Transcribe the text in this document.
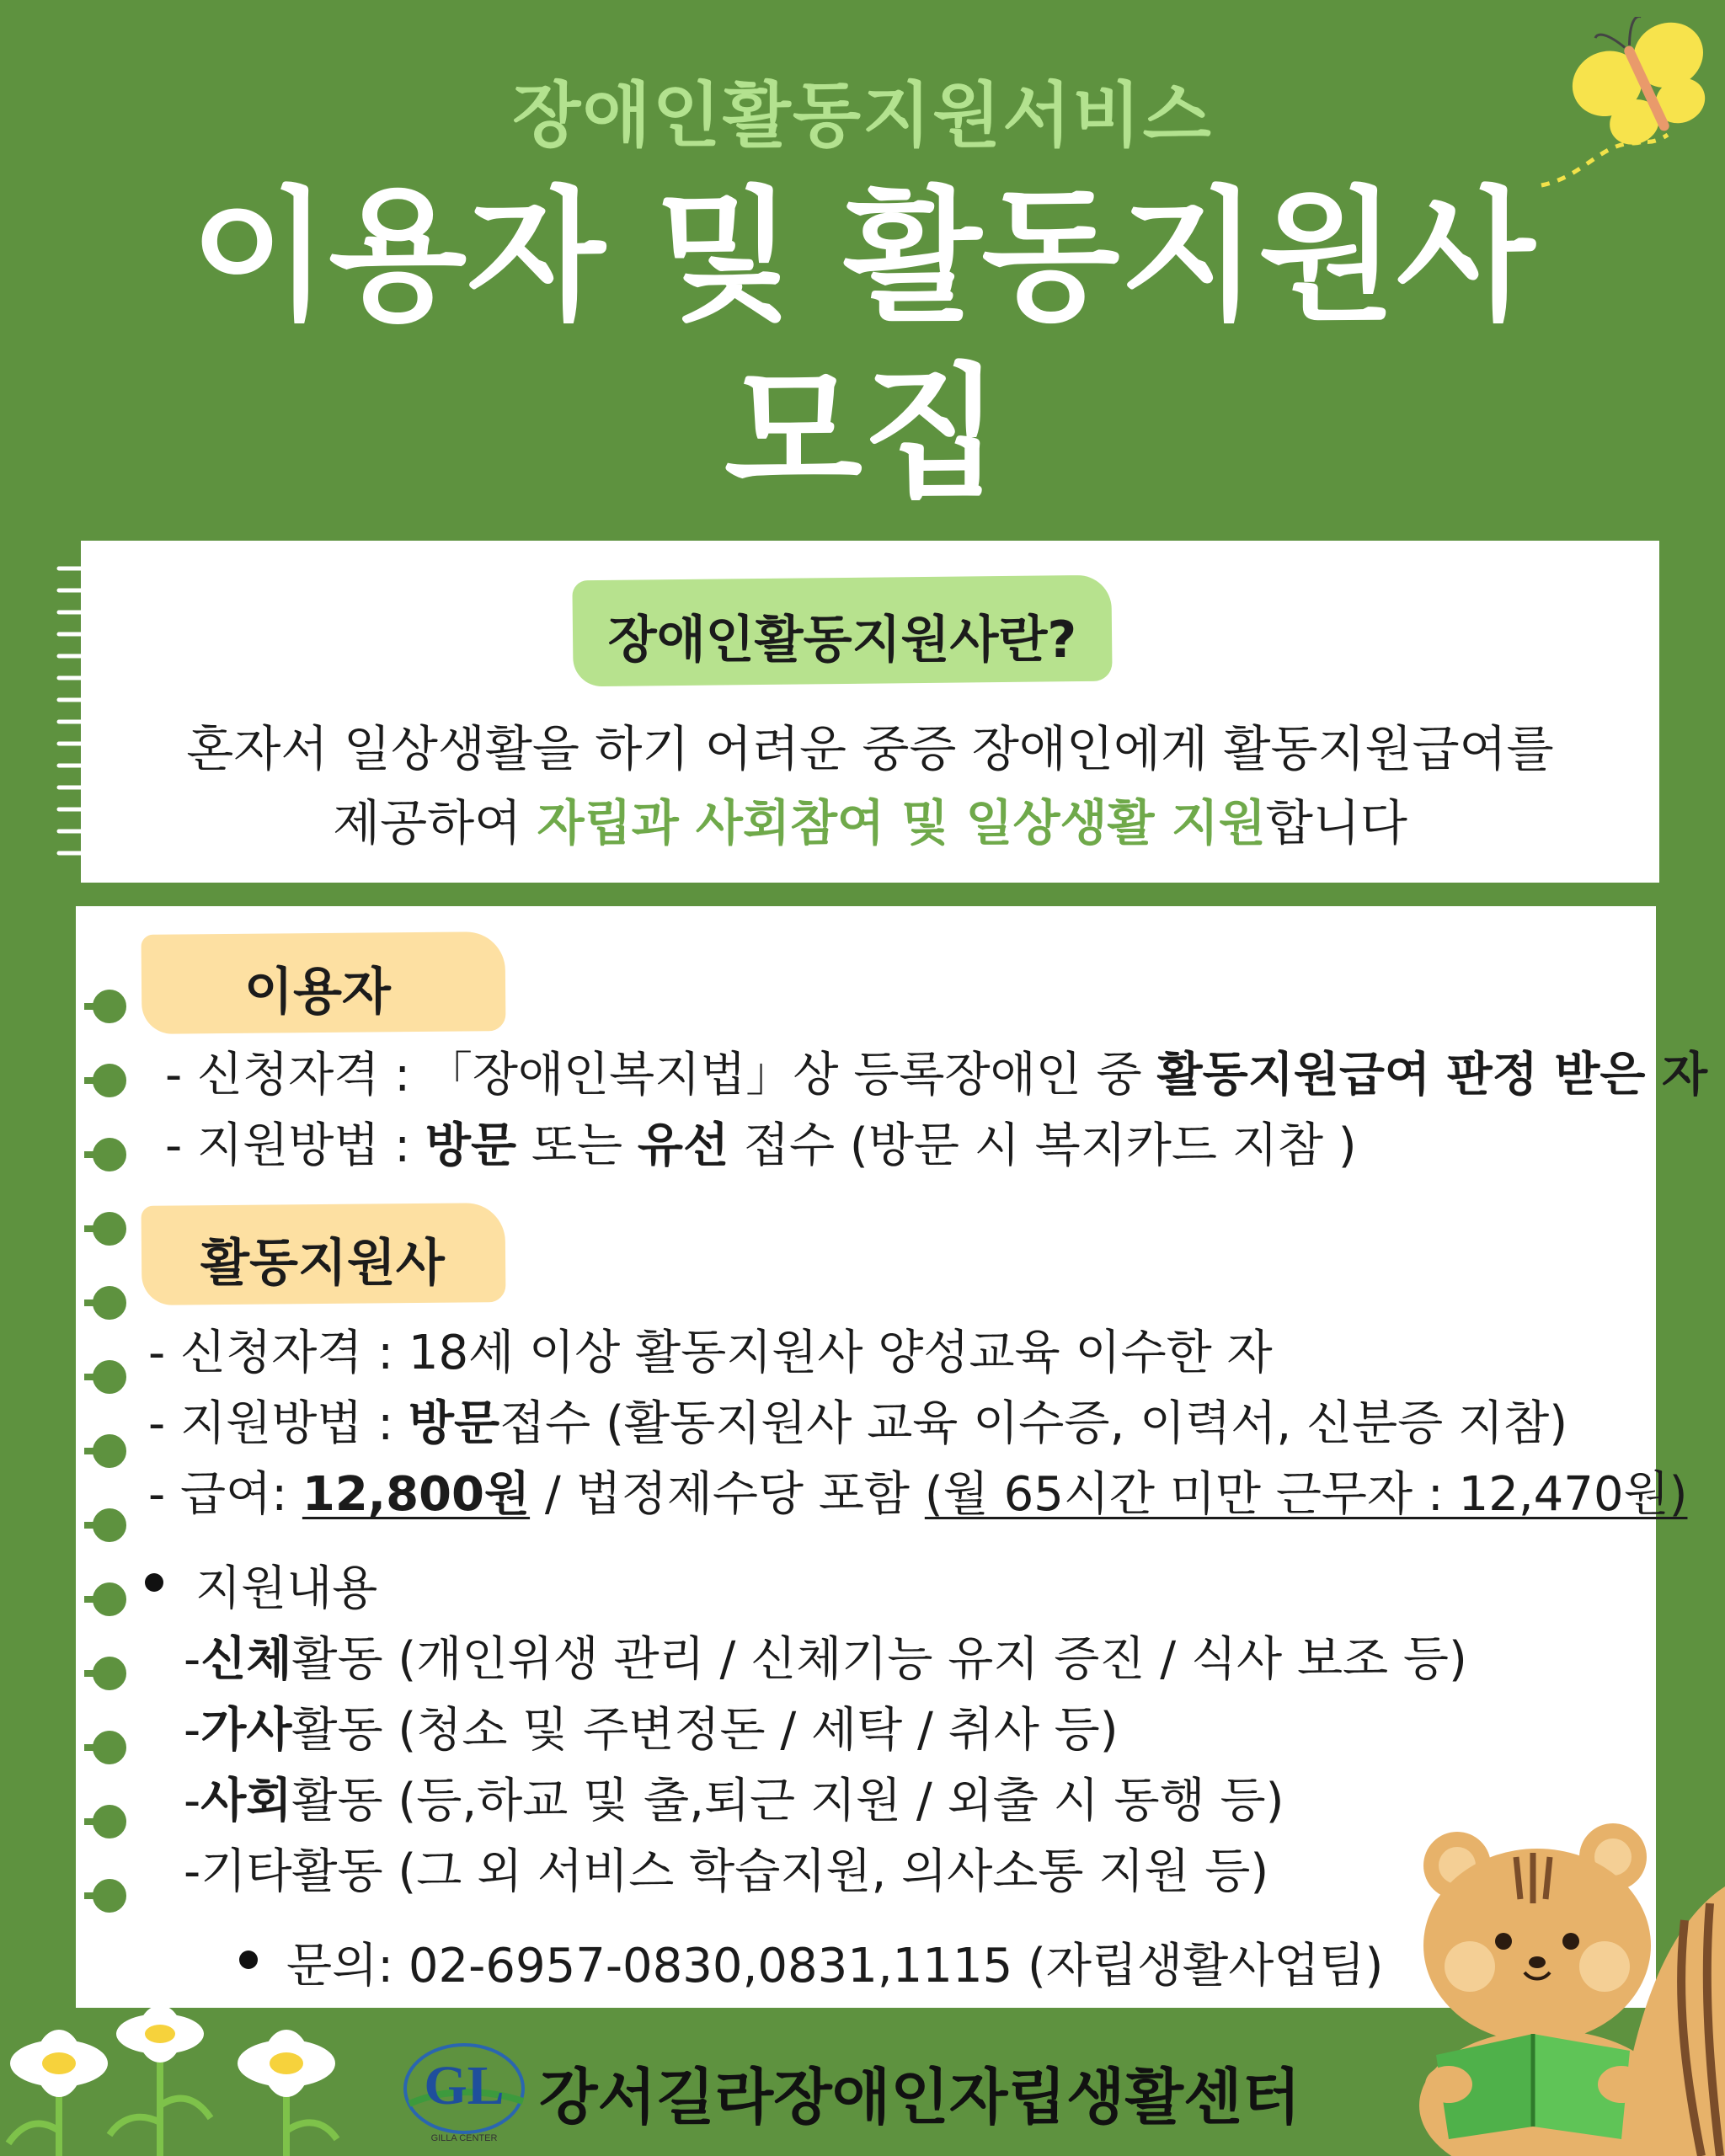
장애인활동지원서비스
이용자 및 활동지원사
모집
장애인활동지원사란?
혼자서 일상생활을 하기 어려운 중증 장애인에게 활동지원급여를
제공하여 자립과 사회참여 및 일상생활 지원합니다
이용자
- 신청자격 : 「장애인복지법」상 등록장애인 중 활동지원급여 판정 받은 자
- 지원방법 : 방문 또는 유선 접수 (방문 시 복지카드 지참 )
활동지원사
- 신청자격 : 18세 이상 활동지원사 양성교육 이수한 자
- 지원방법 : 방문접수 (활동지원사 교육 이수증, 이력서, 신분증 지참)
- 급여: 12,800원 / 법정제수당 포함 (월 65시간 미만 근무자 : 12,470원)
지원내용
-신체활동 (개인위생 관리 / 신체기능 유지 증진 / 식사 보조 등)
-가사활동 (청소 및 주변정돈 / 세탁 / 취사 등)
-사회활동 (등,하교 및 출,퇴근 지원 / 외출 시 동행 등)
-기타활동 (그 외 서비스 학습지원, 의사소통 지원 등)
문의: 02-6957-0830,0831,1115 (자립생활사업팀)
GL
GILLA CENTER
강서길라장애인자립생활센터
